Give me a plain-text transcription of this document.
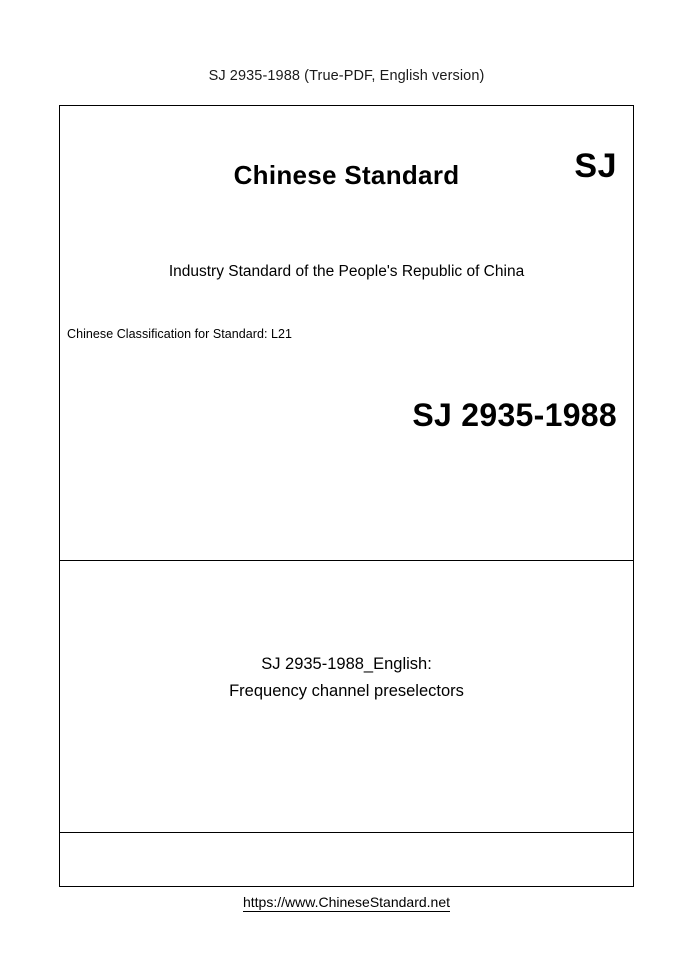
SJ 2935-1988 (True-PDF, English version)
Chinese Standard	SJ
Industry Standard of the People's Republic of China
Chinese Classification for Standard: L21
SJ 2935-1988
SJ 2935-1988_English:
Frequency channel preselectors
https://www.ChineseStandard.net
